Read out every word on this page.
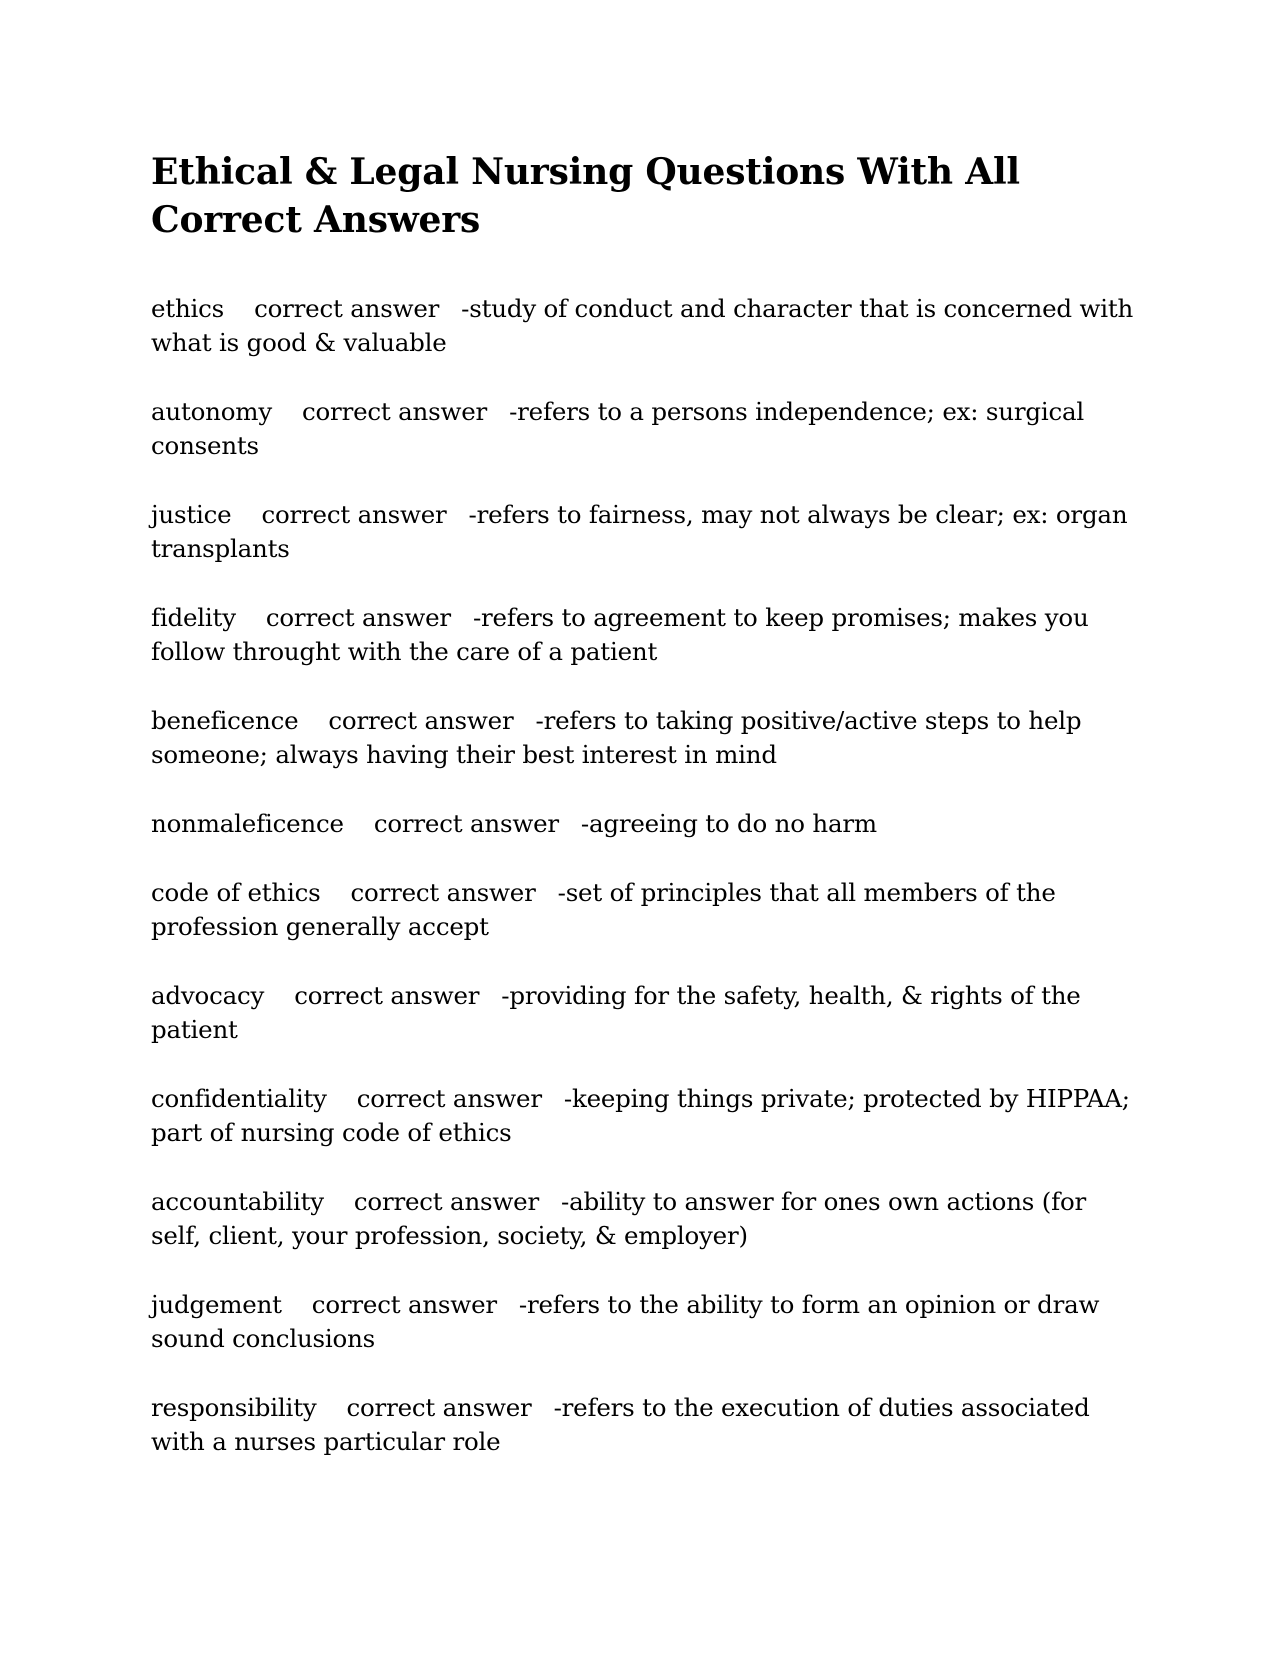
Ethical & Legal Nursing Questions With All Correct Answers
ethics correct answer -study of conduct and character that is concerned with what is good & valuable
autonomy correct answer -refers to a persons independence; ex: surgical consents
justice correct answer -refers to fairness, may not always be clear; ex: organ transplants
fidelity correct answer -refers to agreement to keep promises; makes you follow throught with the care of a patient
beneficence correct answer -refers to taking positive/active steps to help someone; always having their best interest in mind
nonmaleficence correct answer -agreeing to do no harm
code of ethics correct answer -set of principles that all members of the profession generally accept
advocacy correct answer -providing for the safety, health, & rights of the patient
confidentiality correct answer -keeping things private; protected by HIPPAA; part of nursing code of ethics
accountability correct answer -ability to answer for ones own actions (for self, client, your profession, society, & employer)
judgement correct answer -refers to the ability to form an opinion or draw sound conclusions
responsibility correct answer -refers to the execution of duties associated with a nurses particular role
